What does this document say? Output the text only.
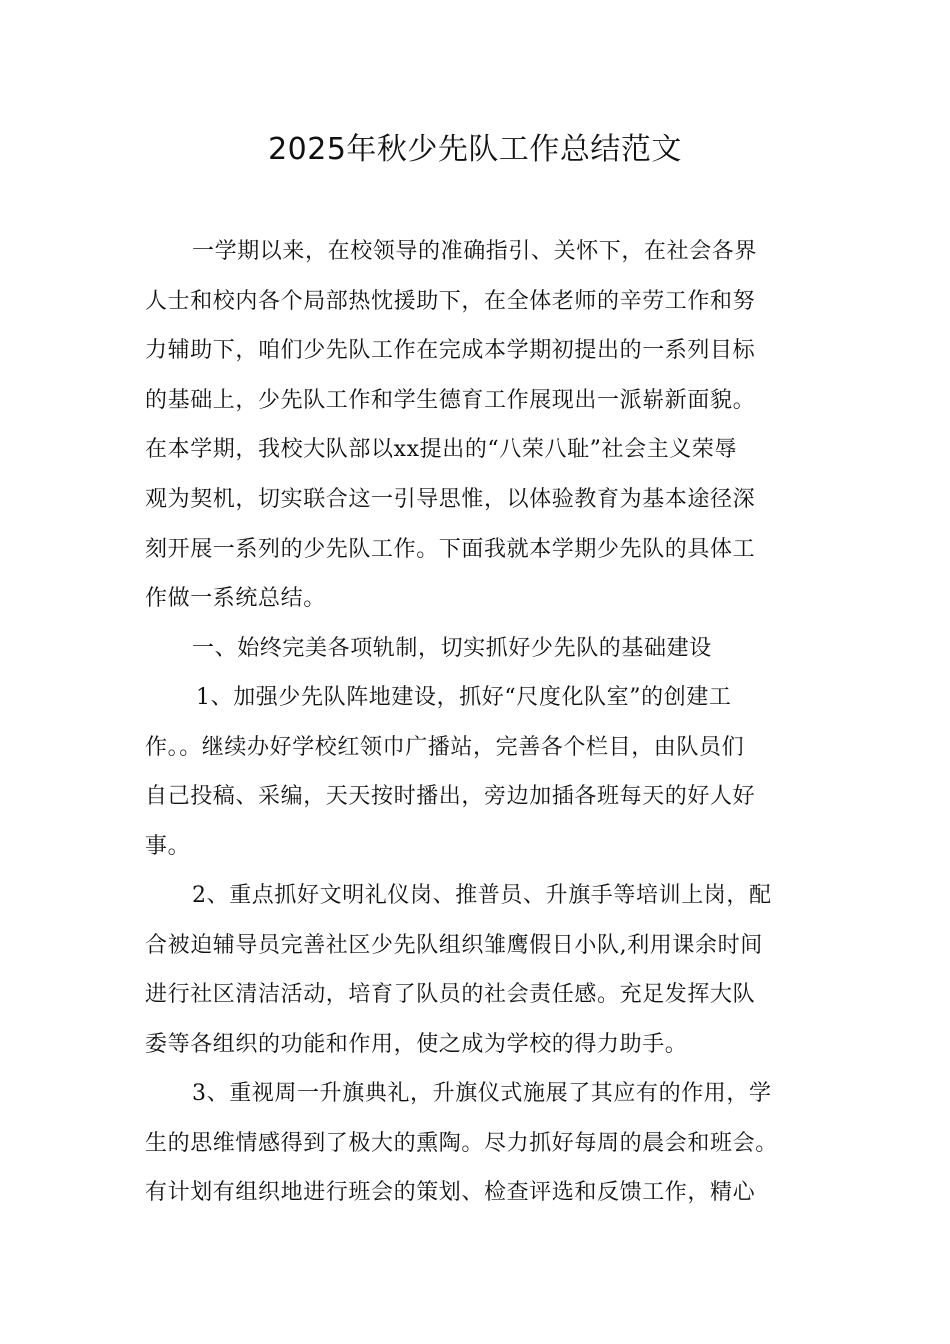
2025年秋少先队工作总结范文
一学期以来，在校领导的准确指引、关怀下，在社会各界
人士和校内各个局部热忱援助下，在全体老师的辛劳工作和努
力辅助下，咱们少先队工作在完成本学期初提出的一系列目标
的基础上，少先队工作和学生德育工作展现出一派崭新面貌。
在本学期，我校大队部以xx提出的“八荣八耻”社会主义荣辱
观为契机，切实联合这一引导思惟，以体验教育为基本途径深
刻开展一系列的少先队工作。下面我就本学期少先队的具体工
作做一系统总结。
一、始终完美各项轨制，切实抓好少先队的基础建设
1、加强少先队阵地建设，抓好“尺度化队室”的创建工
作。。继续办好学校红领巾广播站，完善各个栏目，由队员们
自己投稿、采编，天天按时播出，旁边加插各班每天的好人好
事。
2、重点抓好文明礼仪岗、推普员、升旗手等培训上岗，配
合被迫辅导员完善社区少先队组织雏鹰假日小队,利用课余时间
进行社区清洁活动，培育了队员的社会责任感。充足发挥大队
委等各组织的功能和作用，使之成为学校的得力助手。
3、重视周一升旗典礼，升旗仪式施展了其应有的作用，学
生的思维情感得到了极大的熏陶。尽力抓好每周的晨会和班会。
有计划有组织地进行班会的策划、检查评选和反馈工作，精心
